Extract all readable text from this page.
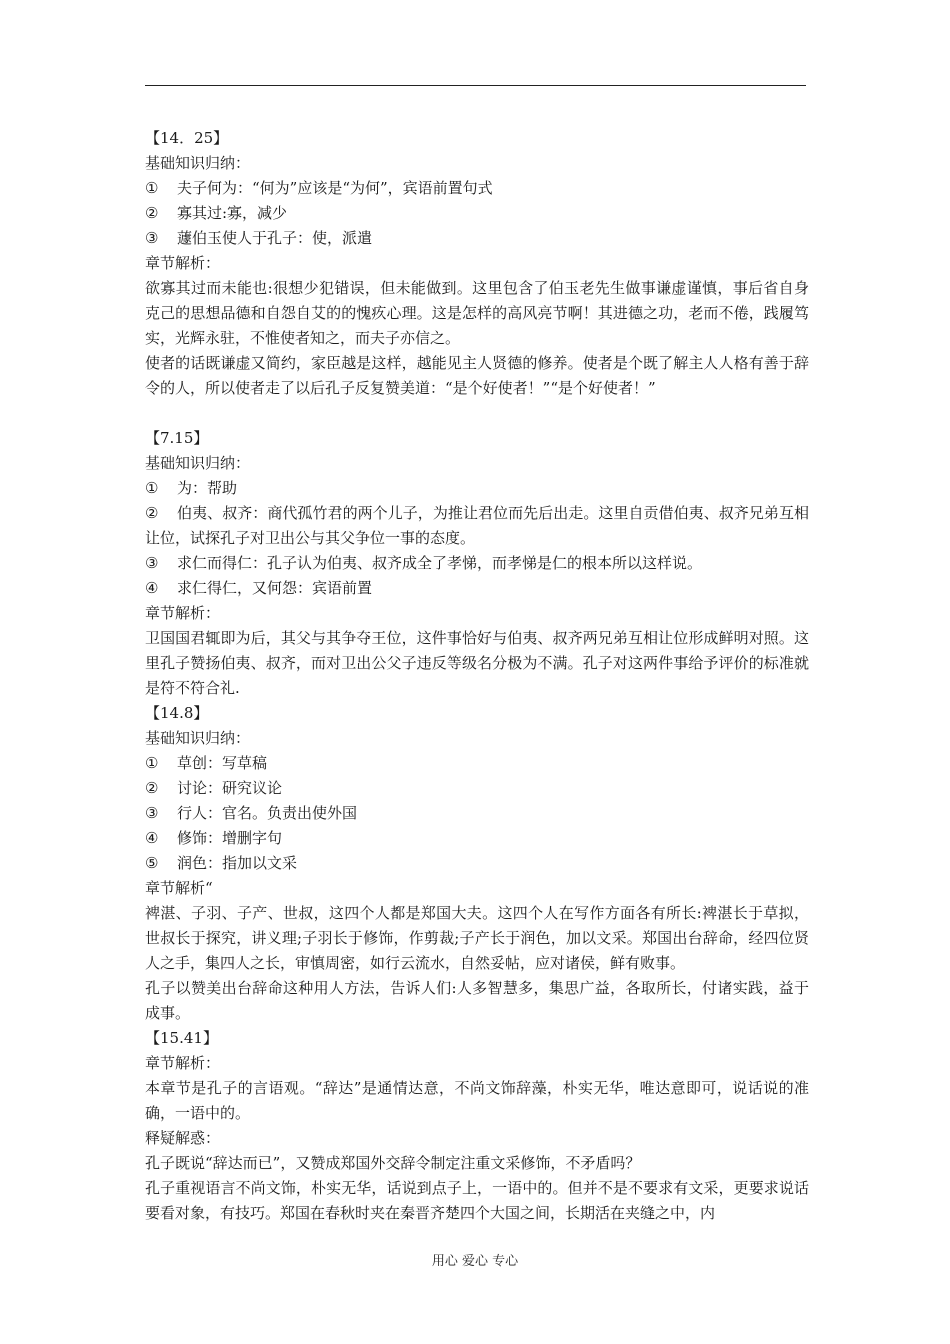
【14．25】
基础知识归纳：
①	夫子何为：“何为”应该是“为何”，宾语前置句式
②	寡其过:寡，减少
③	蘧伯玉使人于孔子：使，派遣
章节解析：
欲寡其过而未能也:很想少犯错误，但未能做到。这里包含了伯玉老先生做事谦虚谨慎，事后省自身克己的思想品德和自怨自艾的的愧疚心理。这是怎样的高风亮节啊！其进德之功，老而不倦，践履笃实，光辉永驻，不惟使者知之，而夫子亦信之。
使者的话既谦虚又简约，家臣越是这样，越能见主人贤德的修养。使者是个既了解主人人格有善于辞令的人，所以使者走了以后孔子反复赞美道：“是个好使者！”“是个好使者！”
【7.15】
基础知识归纳：
①	为：帮助
② 伯夷、叔齐：商代孤竹君的两个儿子，为推让君位而先后出走。这里自贡借伯夷、叔齐兄弟互相让位，试探孔子对卫出公与其父争位一事的态度。
③	求仁而得仁：孔子认为伯夷、叔齐成全了孝悌，而孝悌是仁的根本所以这样说。
④	求仁得仁，又何怨：宾语前置
章节解析：
卫国国君辄即为后，其父与其争夺王位，这件事恰好与伯夷、叔齐两兄弟互相让位形成鲜明对照。这里孔子赞扬伯夷、叔齐，而对卫出公父子违反等级名分极为不满。孔子对这两件事给予评价的标准就是符不符合礼.
【14.8】
基础知识归纳：
①	草创：写草稿
②	讨论：研究议论
③	行人：官名。负责出使外国
④	修饰：增删字句
⑤	润色：指加以文采
章节解析“
裨湛、子羽、子产、世叔，这四个人都是郑国大夫。这四个人在写作方面各有所长:裨湛长于草拟，世叔长于探究，讲义理;子羽长于修饰，作剪裁;子产长于润色，加以文采。郑国出台辞命，经四位贤人之手，集四人之长，审慎周密，如行云流水，自然妥帖，应对诸侯，鲜有败事。
孔子以赞美出台辞命这种用人方法，告诉人们:人多智慧多，集思广益，各取所长，付诸实践，益于成事。
【15.41】
章节解析：
本章节是孔子的言语观。“辞达”是通情达意，不尚文饰辞藻，朴实无华，唯达意即可，说话说的准确，一语中的。
释疑解惑：
孔子既说“辞达而已”，又赞成郑国外交辞令制定注重文采修饰，不矛盾吗？
孔子重视语言不尚文饰，朴实无华，话说到点子上，一语中的。但并不是不要求有文采，更要求说话要看对象，有技巧。郑国在春秋时夹在秦晋齐楚四个大国之间，长期活在夹缝之中，内
用心 爱心 专心
